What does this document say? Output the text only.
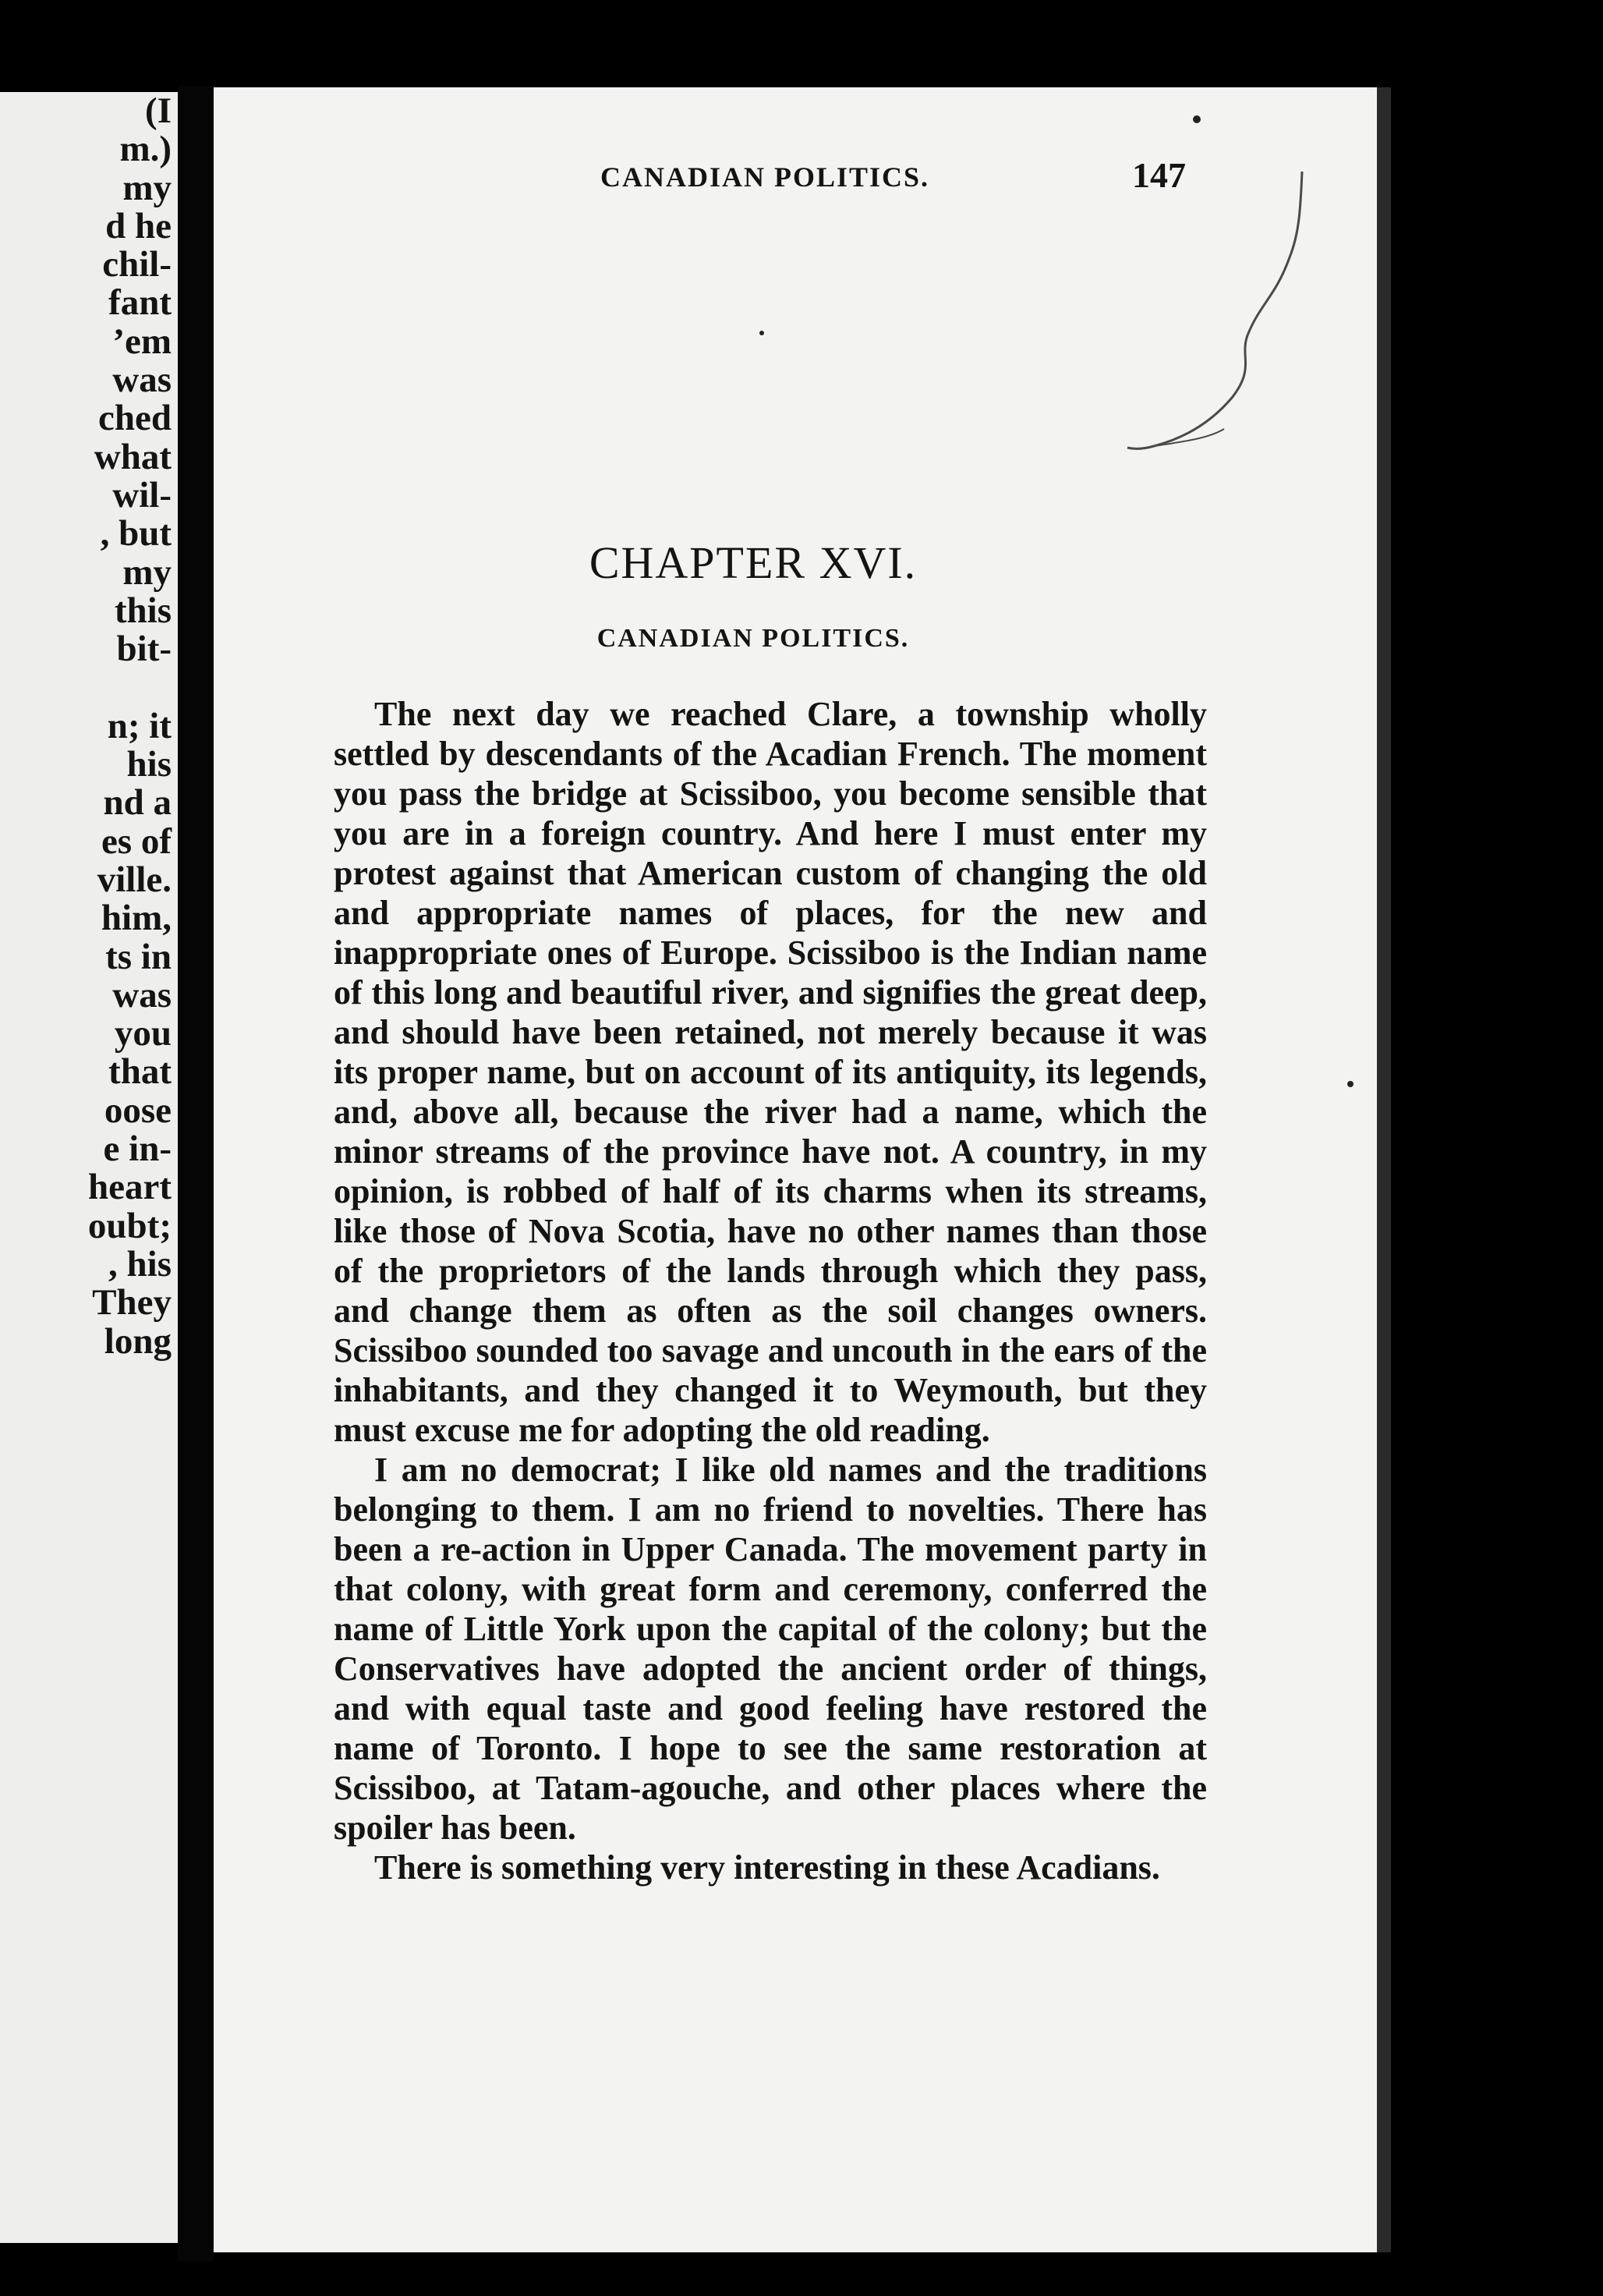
(I
m.)
my
d he
chil-
fant
’em
was
ched
what
wil-
, but
my
this
bit-

n; it
his
nd a
es of
ville.
him,
ts in
was
you
that
oose
e in-
heart
oubt;
, his
They
long
CANADIAN POLITICS.	147
CHAPTER XVI.
CANADIAN POLITICS.

The next day we reached Clare, a township wholly settled by descendants of the Acadian French. The moment you pass the bridge at Scissiboo, you become sensible that you are in a foreign country. And here I must enter my protest against that American custom of changing the old and appropriate names of places, for the new and inappropriate ones of Europe. Scissiboo is the Indian name of this long and beautiful river, and signifies the great deep, and should have been retained, not merely because it was its proper name, but on account of its antiquity, its legends, and, above all, because the river had a name, which the minor streams of the province have not. A country, in my opinion, is robbed of half of its charms when its streams, like those of Nova Scotia, have no other names than those of the proprietors of the lands through which they pass, and change them as often as the soil changes owners. Scissiboo sounded too savage and uncouth in the ears of the inhabitants, and they changed it to Weymouth, but they must excuse me for adopting the old reading.

I am no democrat; I like old names and the traditions belonging to them. I am no friend to novelties. There has been a re-action in Upper Canada. The movement party in that colony, with great form and ceremony, conferred the name of Little York upon the capital of the colony; but the Conservatives have adopted the ancient order of things, and with equal taste and good feeling have restored the name of Toronto. I hope to see the same restoration at Scissiboo, at Tatam-agouche, and other places where the spoiler has been.

There is something very interesting in these Acadians.
